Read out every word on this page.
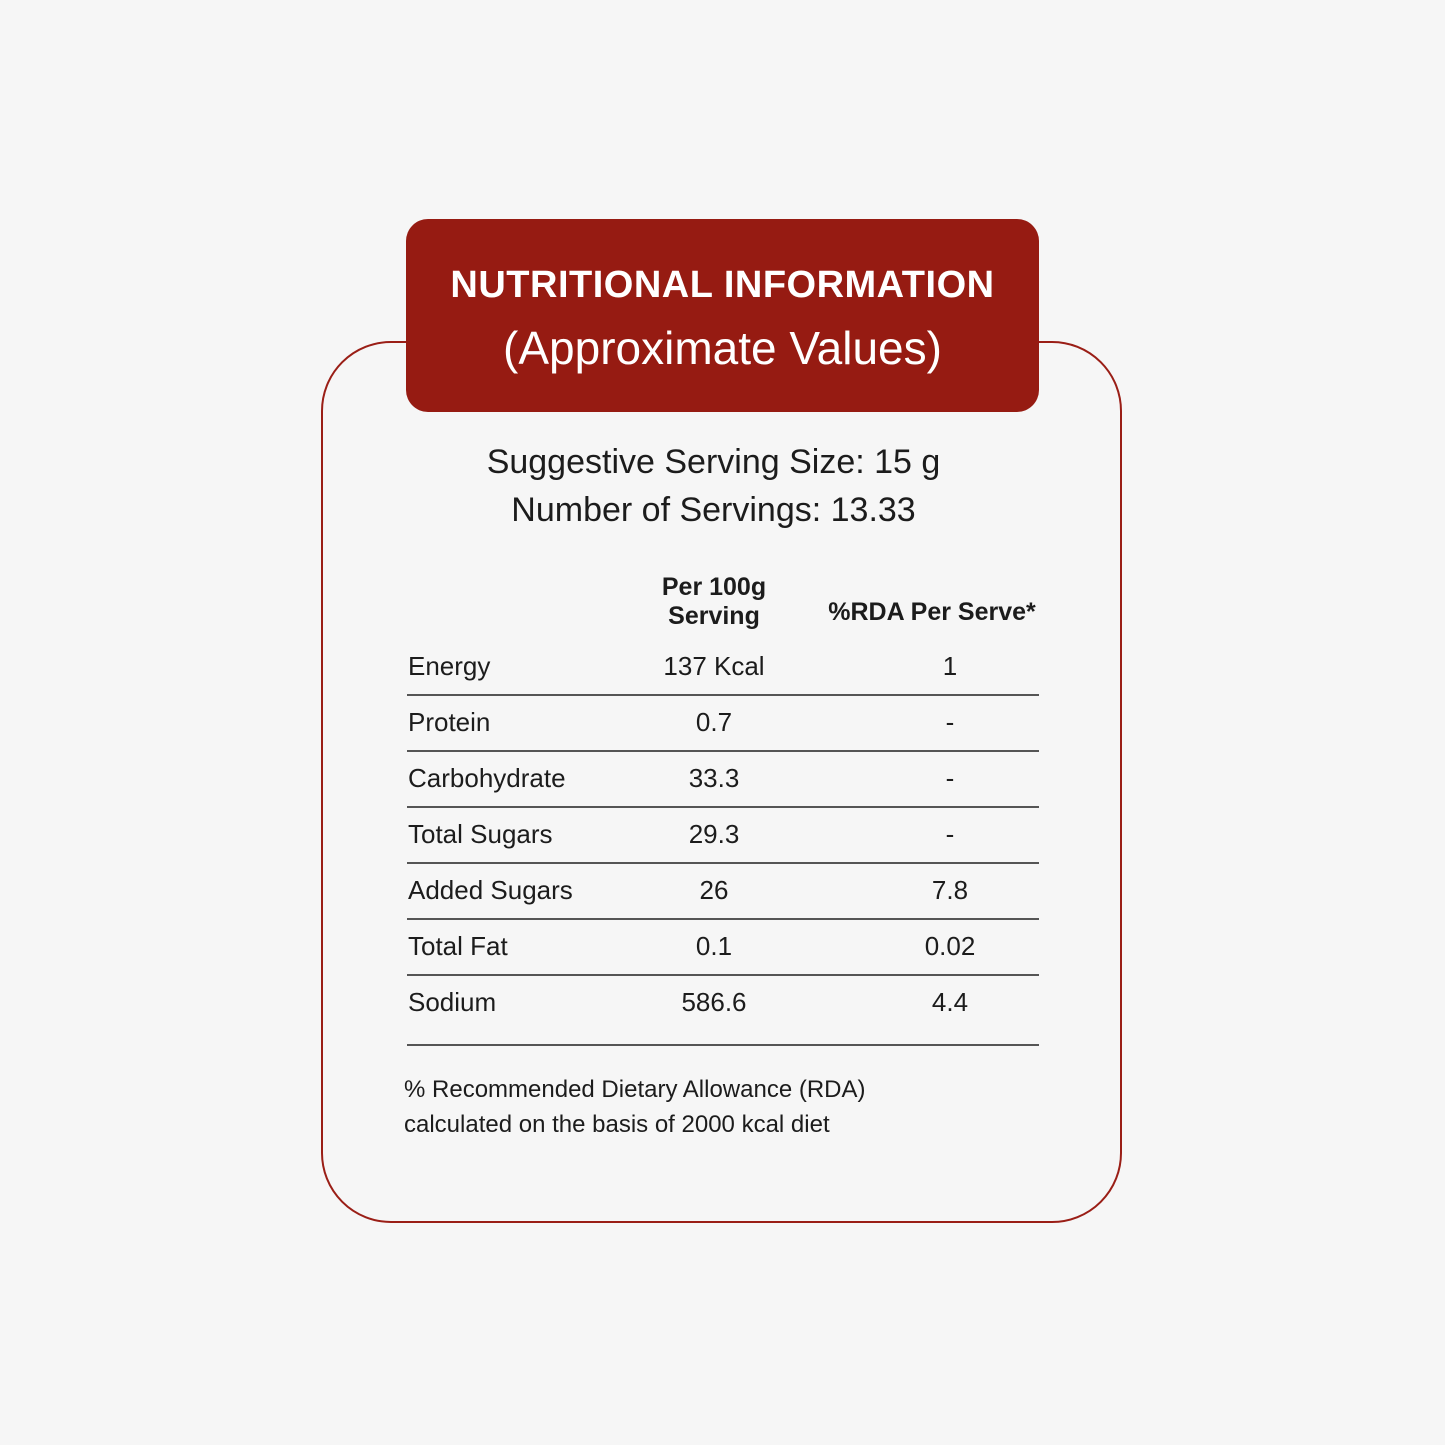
NUTRITIONAL INFORMATION
(Approximate Values)
Suggestive Serving Size: 15 g
Number of Servings: 13.33
Per 100g
Serving	%RDA Per Serve*
Energy	137 Kcal	1
Protein	0.7	-
Carbohydrate	33.3	-
Total Sugars	29.3	-
Added Sugars	26	7.8
Total Fat	0.1	0.02
Sodium	586.6	4.4
% Recommended Dietary Allowance (RDA)
calculated on the basis of 2000 kcal diet
